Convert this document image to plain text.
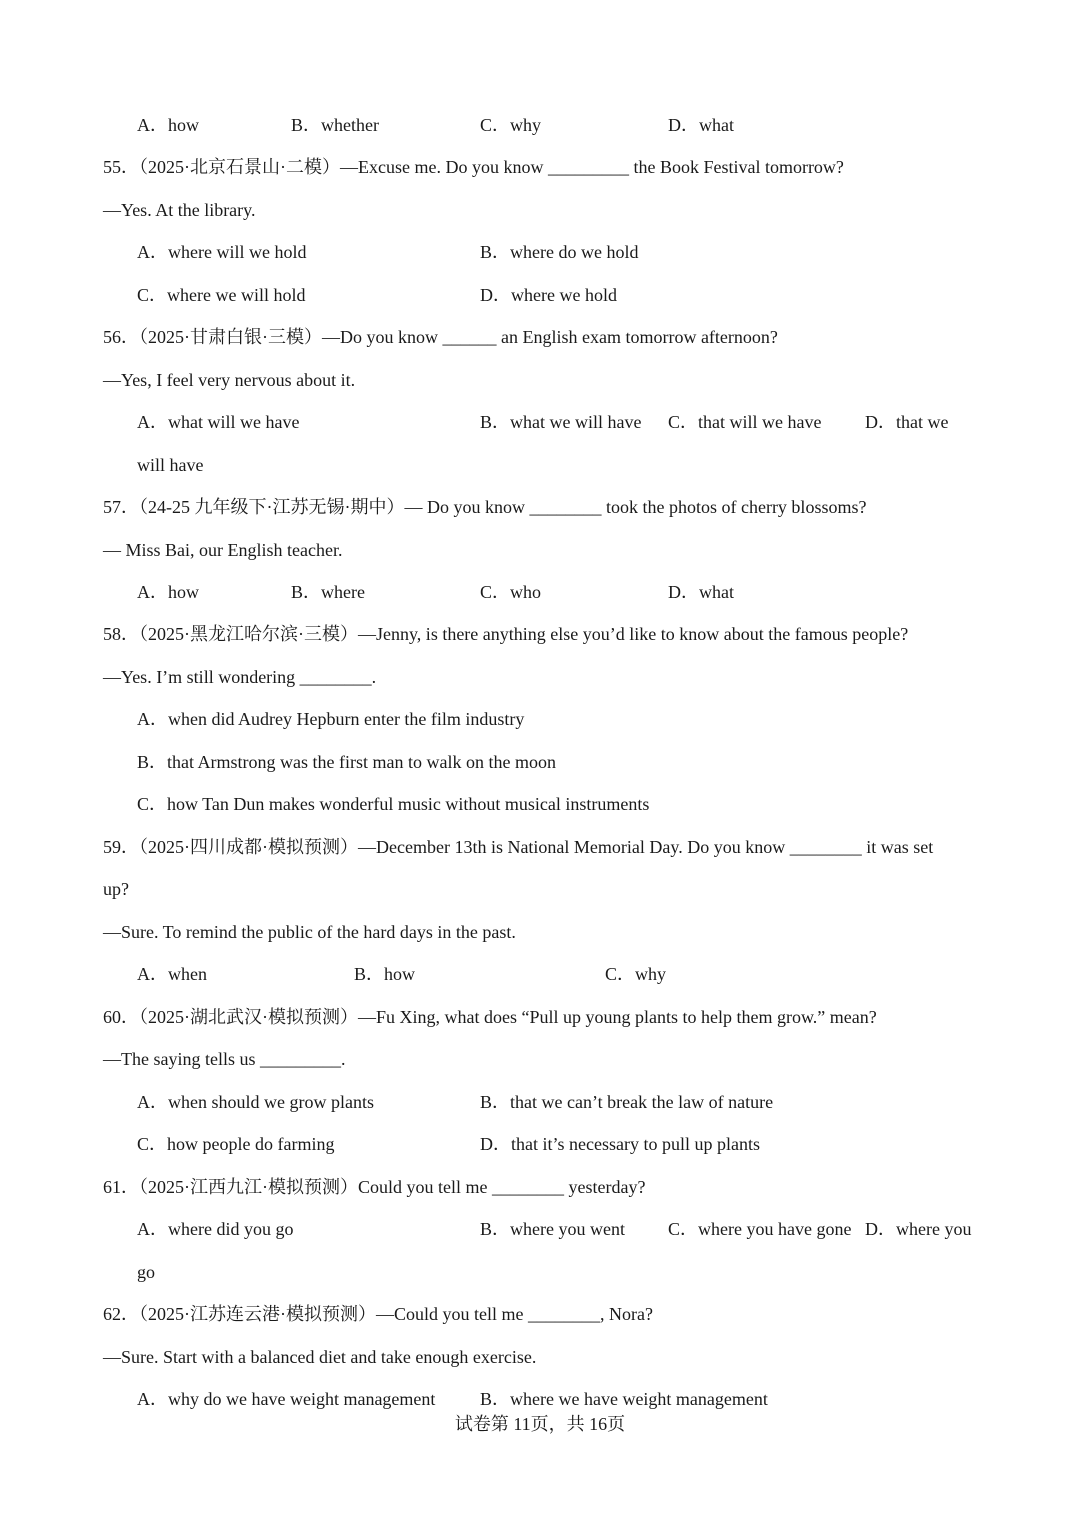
A．how	B．whether	C．why	D．what
55．（2025·北京石景山·二模）—Excuse me. Do you know _________ the Book Festival tomorrow?
—Yes. At the library.
A．where will we hold	B．where do we hold
C．where we will hold	D．where we hold
56．（2025·甘肃白银·三模）—Do you know ______ an English exam tomorrow afternoon?
—Yes, I feel very nervous about it.
A．what will we have	B．what we will have C．that will we have D．that we
will have
57．（24-25 九年级下·江苏无锡·期中）— Do you know ________ took the photos of cherry blossoms?
— Miss Bai, our English teacher.
A．how	B．where	C．who	D．what
58．（2025·黑龙江哈尔滨·三模）—Jenny, is there anything else you’d like to know about the famous people?
—Yes. I’m still wondering ________.
A．when did Audrey Hepburn enter the film industry
B．that Armstrong was the first man to walk on the moon
C．how Tan Dun makes wonderful music without musical instruments
59．（2025·四川成都·模拟预测）—December 13th is National Memorial Day. Do you know ________ it was set
up?
—Sure. To remind the public of the hard days in the past.
A．when	B．how	C．why
60．（2025·湖北武汉·模拟预测）—Fu Xing, what does “Pull up young plants to help them grow.” mean?
—The saying tells us _________.
A．when should we grow plants	B．that we can’t break the law of nature
C．how people do farming	D．that it’s necessary to pull up plants
61．（2025·江西九江·模拟预测）Could you tell me ________ yesterday?
A．where did you go	B．where you went C．where you have gone D．where you
go
62．（2025·江苏连云港·模拟预测）—Could you tell me ________, Nora?
—Sure. Start with a balanced diet and take enough exercise.
A．why do we have weight management B．where we have weight management
试卷第 11页，共 16页
